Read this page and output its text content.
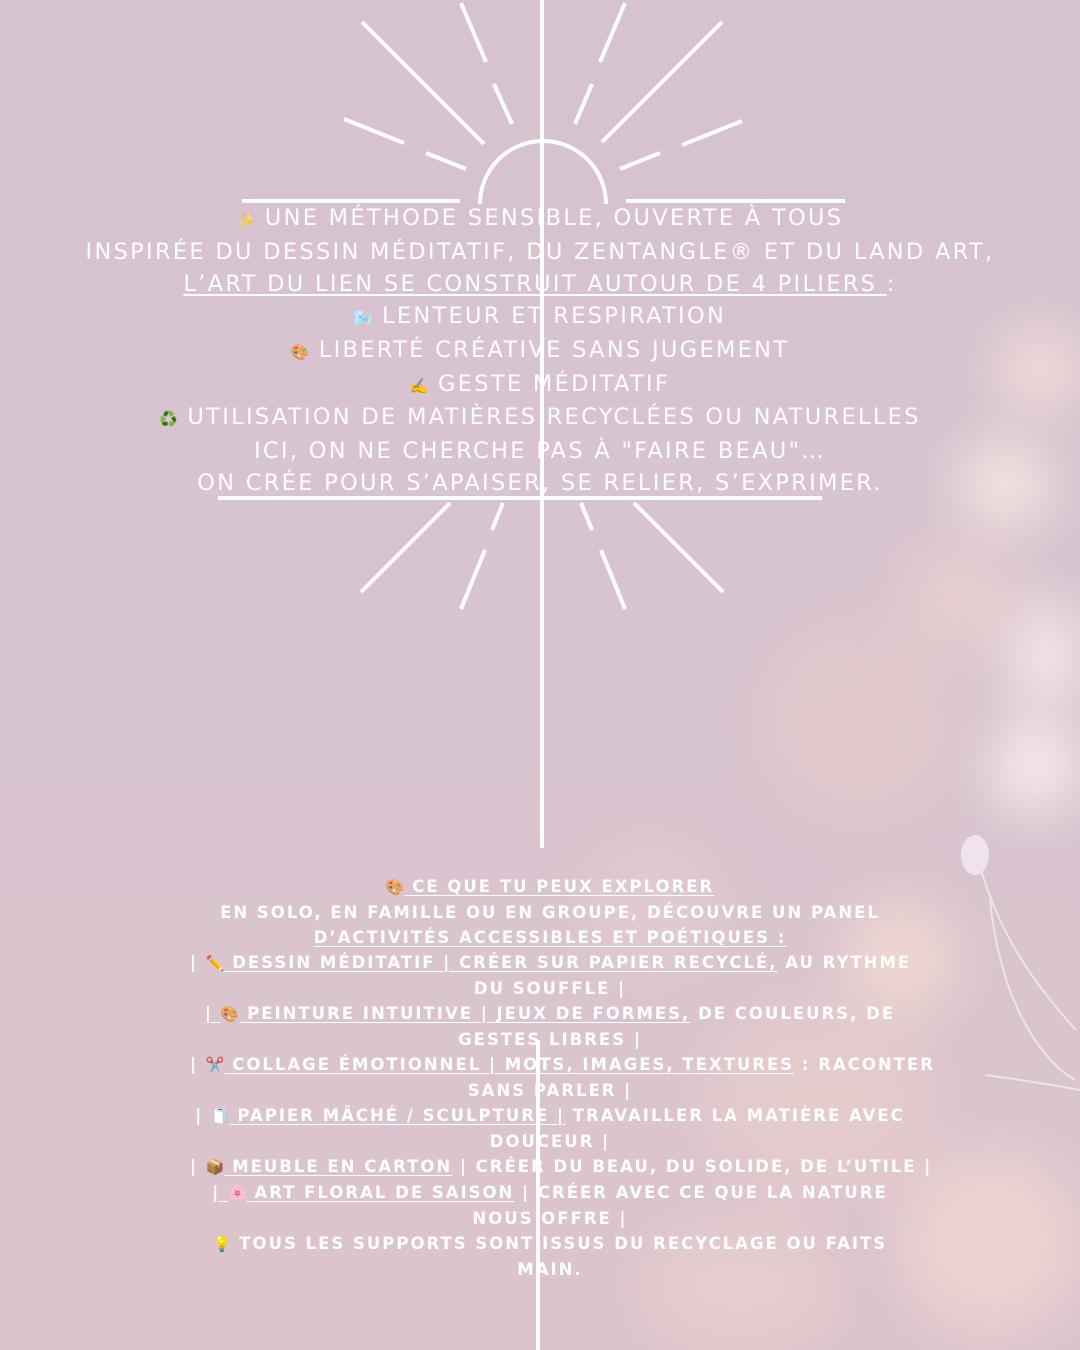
✨ UNE MÉTHODE SENSIBLE, OUVERTE À TOUS
INSPIRÉE DU DESSIN MÉDITATIF, DU ZENTANGLE® ET DU LAND ART,
L’ART DU LIEN SE CONSTRUIT AUTOUR DE 4 PILIERS :
🌬️ LENTEUR ET RESPIRATION
🎨 LIBERTÉ CRÉATIVE SANS JUGEMENT
✍️ GESTE MÉDITATIF
♻️ UTILISATION DE MATIÈRES RECYCLÉES OU NATURELLES
ICI, ON NE CHERCHE PAS À "FAIRE BEAU"…
ON CRÉE POUR S’APAISER, SE RELIER, S’EXPRIMER.
🎨 CE QUE TU PEUX EXPLORER
EN SOLO, EN FAMILLE OU EN GROUPE, DÉCOUVRE UN PANEL
D’ACTIVITÉS ACCESSIBLES ET POÉTIQUES :
| ✏️ DESSIN MÉDITATIF | CRÉER SUR PAPIER RECYCLÉ, AU RYTHME
DU SOUFFLE |
| 🎨 PEINTURE INTUITIVE | JEUX DE FORMES, DE COULEURS, DE
GESTES LIBRES |
| ✂️ COLLAGE ÉMOTIONNEL | MOTS, IMAGES, TEXTURES : RACONTER
SANS PARLER |
| 🧻 PAPIER MÂCHÉ / SCULPTURE | TRAVAILLER LA MATIÈRE AVEC
DOUCEUR |
| 📦 MEUBLE EN CARTON | CRÉER DU BEAU, DU SOLIDE, DE L’UTILE |
| 🌸 ART FLORAL DE SAISON | CRÉER AVEC CE QUE LA NATURE
NOUS OFFRE |
💡 TOUS LES SUPPORTS SONT ISSUS DU RECYCLAGE OU FAITS
MAIN.
